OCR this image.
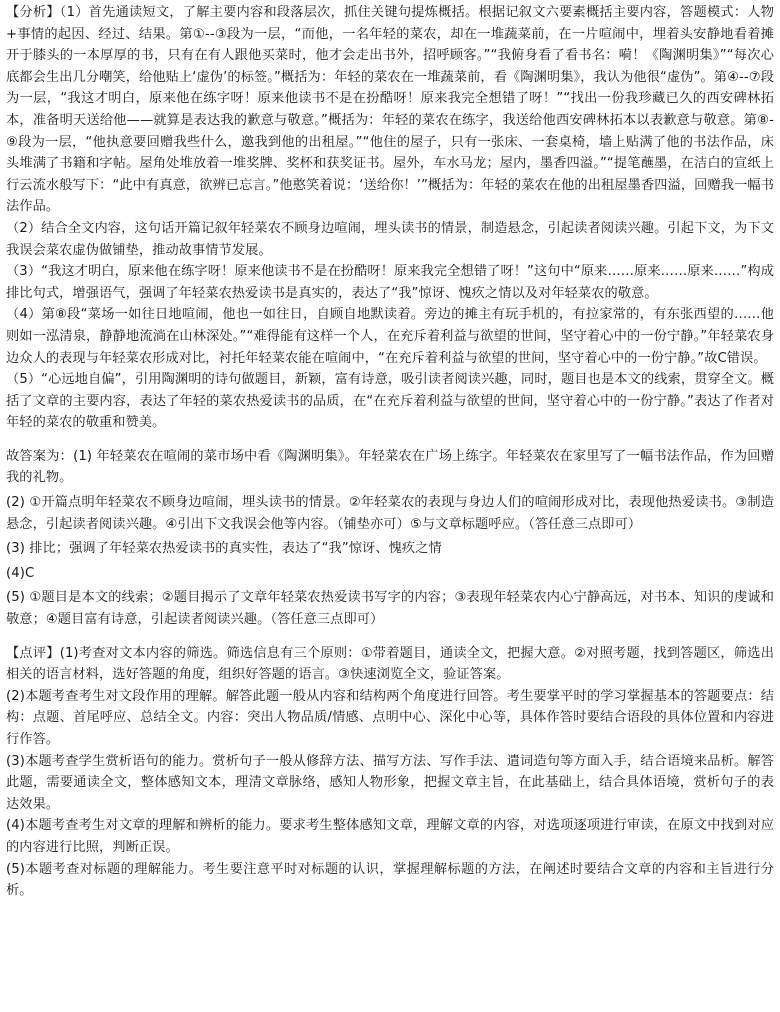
【分析】（1）首先通读短文，了解主要内容和段落层次，抓住关键句提炼概括。根据记叙文六要素概括主要内容，答题模式：人物+事情的起因、经过、结果。第①--③段为一层，“而他，一名年轻的菜农，却在一堆蔬菜前，在一片喧闹中，埋着头安静地看着摊开于膝头的一本厚厚的书，只有在有人跟他买菜时，他才会走出书外，招呼顾客。”“我俯身看了看书名：嗬！《陶渊明集》”“每次心底都会生出几分嘲笑，给他贴上‘虚伪’的标签。”概括为：年轻的菜农在一堆蔬菜前，看《陶渊明集》，我认为他很“虚伪”。第④--⑦段为一层，“我这才明白，原来他在练字呀！原来他读书不是在扮酷呀！原来我完全想错了呀！”“找出一份我珍藏已久的西安碑林拓本，准备明天送给他——就算是表达我的歉意与敬意。”概括为：年轻的菜农在练字，我送给他西安碑林拓本以表歉意与敬意。第⑧-⑨段为一层，“他执意要回赠我些什么，邀我到他的出租屋。”“他住的屋子，只有一张床、一套桌椅，墙上贴满了他的书法作品，床头堆满了书籍和字帖。屋角处堆放着一堆奖牌、奖杯和获奖证书。屋外，车水马龙；屋内，墨香四溢。”“提笔蘸墨，在洁白的宣纸上行云流水般写下：“此中有真意，欲辨已忘言。”他憨笑着说：‘送给你！’”概括为：年轻的菜农在他的出租屋墨香四溢，回赠我一幅书法作品。

（2）结合全文内容，这句话开篇记叙年轻菜农不顾身边喧闹，埋头读书的情景，制造悬念，引起读者阅读兴趣。引起下文，为下文我误会菜农虚伪做铺垫，推动故事情节发展。

（3）“我这才明白，原来他在练字呀！原来他读书不是在扮酷呀！原来我完全想错了呀！”这句中“原来……原来……原来……”构成排比句式，增强语气，强调了年轻菜农热爱读书是真实的，表达了“我”惊讶、愧疚之情以及对年轻菜农的敬意。

（4）第⑧段“菜场一如往日地喧闹，他也一如往日，自顾自地默读着。旁边的摊主有玩手机的，有拉家常的，有东张西望的……他则如一泓清泉，静静地流淌在山林深处。”“难得能有这样一个人，在充斥着利益与欲望的世间，坚守着心中的一份宁静。”年轻菜农身边众人的表现与年轻菜农形成对比，衬托年轻菜农能在喧闹中，“在充斥着利益与欲望的世间，坚守着心中的一份宁静。”故C错误。

（5）“心远地自偏”，引用陶渊明的诗句做题目，新颖，富有诗意，吸引读者阅读兴趣，同时，题目也是本文的线索，贯穿全文。概括了文章的主要内容，表达了年轻的菜农热爱读书的品质，在“在充斥着利益与欲望的世间，坚守着心中的一份宁静。”表达了作者对年轻的菜农的敬重和赞美。

故答案为：(1) 年轻菜农在喧闹的菜市场中看《陶渊明集》。年轻菜农在广场上练字。年轻菜农在家里写了一幅书法作品，作为回赠我的礼物。

(2) ①开篇点明年轻菜农不顾身边喧闹，埋头读书的情景。②年轻菜农的表现与身边人们的喧闹形成对比，表现他热爱读书。③制造悬念，引起读者阅读兴趣。④引出下文我误会他等内容。（铺垫亦可）⑤与文章标题呼应。（答任意三点即可）

(3) 排比；强调了年轻菜农热爱读书的真实性，表达了“我”惊讶、愧疚之情

(4)C

(5) ①题目是本文的线索；②题目揭示了文章年轻菜农热爱读书写字的内容；③表现年轻菜农内心宁静高远，对书本、知识的虔诚和敬意；④题目富有诗意，引起读者阅读兴趣。（答任意三点即可）

【点评】(1)考查对文本内容的筛选。筛选信息有三个原则：①带着题目，通读全文，把握大意。②对照考题，找到答题区，筛选出相关的语言材料，选好答题的角度，组织好答题的语言。③快速浏览全文，验证答案。

(2)本题考查考生对文段作用的理解。解答此题一般从内容和结构两个角度进行回答。考生要掌平时的学习掌握基本的答题要点：结构：点题、首尾呼应、总结全文。内容：突出人物品质/情感、点明中心、深化中心等，具体作答时要结合语段的具体位置和内容进行作答。

(3)本题考查学生赏析语句的能力。赏析句子一般从修辞方法、描写方法、写作手法、遣词造句等方面入手，结合语境来品析。解答此题，需要通读全文，整体感知文本，理清文章脉络，感知人物形象，把握文章主旨，在此基础上，结合具体语境，赏析句子的表达效果。

(4)本题考查考生对文章的理解和辨析的能力。要求考生整体感知文章，理解文章的内容，对选项逐项进行审读，在原文中找到对应的内容进行比照，判断正误。

(5)本题考查对标题的理解能力。考生要注意平时对标题的认识，掌握理解标题的方法，在阐述时要结合文章的内容和主旨进行分析。
